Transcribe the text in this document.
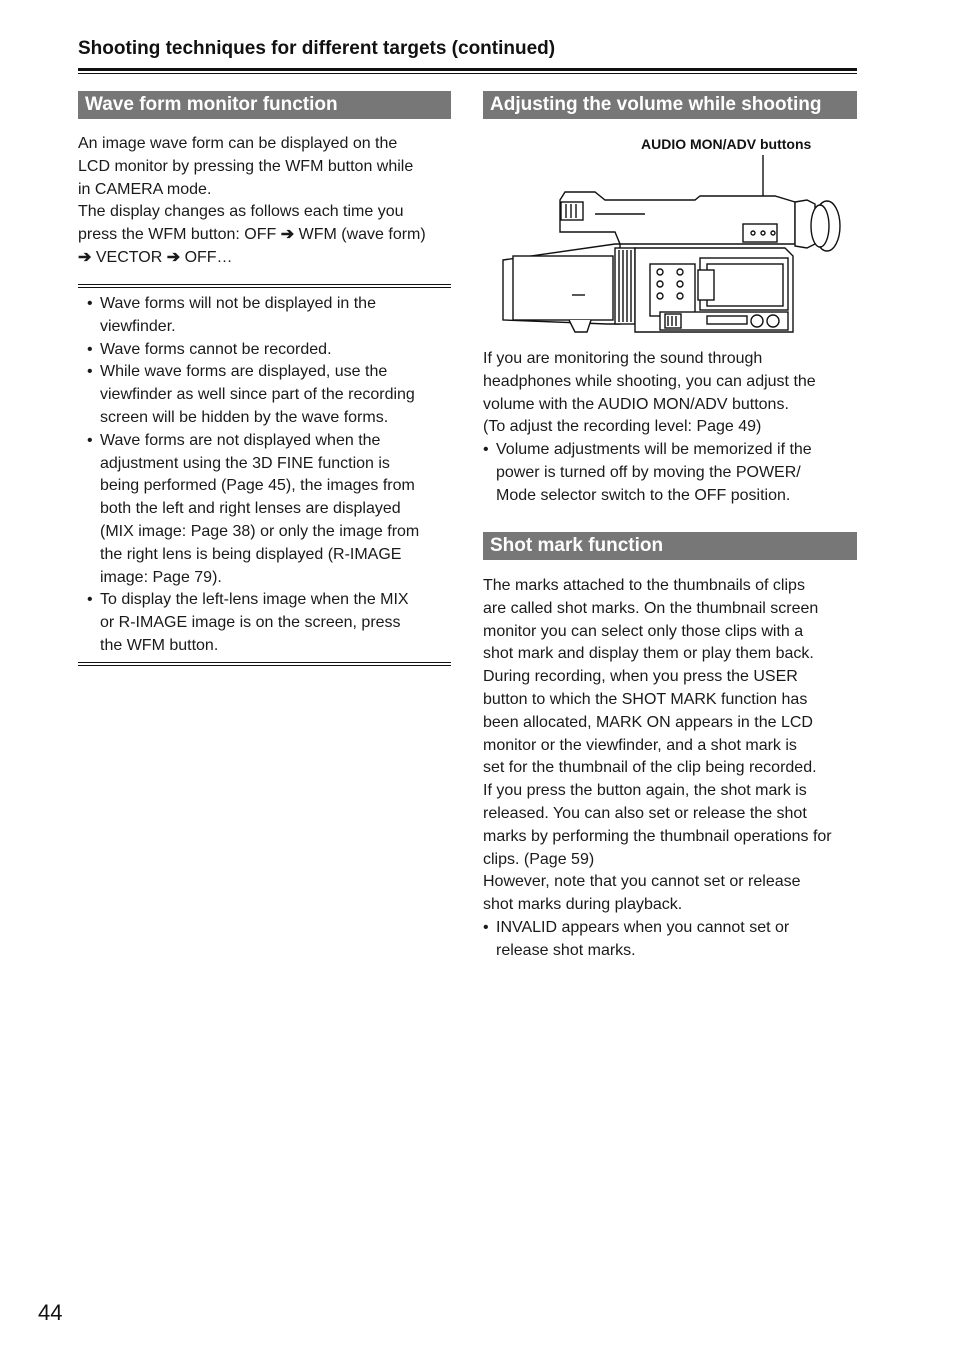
Shooting techniques for different targets (continued)
Wave form monitor function

An image wave form can be displayed on the

LCD monitor by pressing the WFM button while

in CAMERA mode.

The display changes as follows each time you

press the WFM button: OFF ➔ WFM (wave form)

➔ VECTOR ➔ OFF…

• Wave forms will not be displayed in the
viewfinder.
• Wave forms cannot be recorded.
• While wave forms are displayed, use the
viewfinder as well since part of the recording
screen will be hidden by the wave forms.
• Wave forms are not displayed when the
adjustment using the 3D FINE function is
being performed (Page 45), the images from
both the left and right lenses are displayed
(MIX image: Page 38) or only the image from
the right lens is being displayed (R-IMAGE
image: Page 79).
• To display the left-lens image when the MIX
or R-IMAGE image is on the screen, press
the WFM button.
Adjusting the volume while shooting
AUDIO MON/ADV buttons

If you are monitoring the sound through

headphones while shooting, you can adjust the

volume with the AUDIO MON/ADV buttons.

(To adjust the recording level: Page 49)

• Volume adjustments will be memorized if the
power is turned off by moving the POWER/
Mode selector switch to the OFF position.
Shot mark function

The marks attached to the thumbnails of clips

are called shot marks. On the thumbnail screen

monitor you can select only those clips with a

shot mark and display them or play them back.

During recording, when you press the USER

button to which the SHOT MARK function has

been allocated, MARK ON appears in the LCD

monitor or the viewfinder, and a shot mark is

set for the thumbnail of the clip being recorded.

If you press the button again, the shot mark is

released. You can also set or release the shot

marks by performing the thumbnail operations for

clips. (Page 59)

However, note that you cannot set or release

shot marks during playback.

• INVALID appears when you cannot set or
release shot marks.
44
